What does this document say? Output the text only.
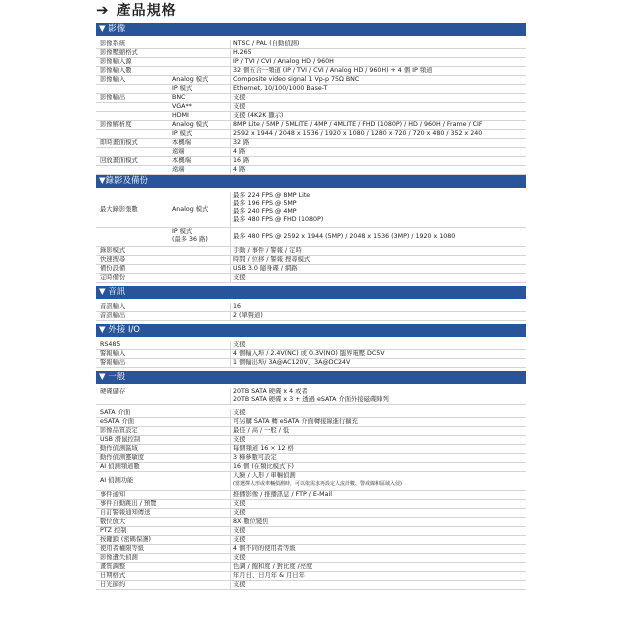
➔ 產品規格
▼ 影像
影像系統	NTSC / PAL (自動偵測)
影像壓縮格式	H.265
影像輸入源	IP / TVI / CVI / Analog HD / 960H
影像輸入數	32 個五合一頻道 (IP / TVI / CVI / Analog HD / 960H) + 4 個 IP 頻道
影像輸入	Analog 模式	Composite video signal 1 Vp-p 75Ω BNC
IP 模式	Ethernet, 10/100/1000 Base-T
影像輸出	BNC	支援
VGA**	支援
HDMI	支援 (4K2K 顯示)
影像解析度	Analog 模式	8MP Lite / 5MP / 5MLITE / 4MP / 4MLITE / FHD (1080P) / HD / 960H / Frame / CIF
IP 模式	2592 x 1944 / 2048 x 1536 / 1920 x 1080 / 1280 x 720 / 720 x 480 / 352 x 240
即時畫面模式	本機端	32 路
遠端	4 路
回放畫面模式	本機端	16 路
遠端	4 路
▼錄影及備份
最大錄影張數	Analog 模式
最多 224 FPS @ 8MP Lite
最多 196 FPS @ 5MP
最多 240 FPS @ 4MP
最多 480 FPS @ FHD (1080P)
IP 模式
(最多 36 路)	最多 480 FPS @ 2592 x 1944 (5MP) / 2048 x 1536 (3MP) / 1920 x 1080
錄影模式	手動 / 事件 / 警報 / 定時
快速搜尋	時間 / 位移 / 警報 搜尋模式
備份設備	USB 3.0 隨身碟 / 網路
定時備份	支援
▼ 音訊
音訊輸入	16
音訊輸出	2 (單聲道)
▼ 外接 I/O
RS485	支援
警報輸入	4 個輸入埠 / 2.4V(NC) 或 0.3V(NO) 臨界電壓 DC5V
警報輸出	1 個輸出埠/ 3A@AC120V、3A@DC24V
▼ 一般
硬碟儲存	20TB SATA 硬碟 x 4 或者
20TB SATA 硬碟 x 3 + 透過 eSATA 介面外接磁碟陣列
SATA 介面	支援
eSATA 介面	可另購 SATA 轉 eSATA 介面轉接線進行擴充
影像品質設定	最佳 / 高 / 一般 / 低
USB 滑鼠控制	支援
動作偵測區域	每個頻道 16 × 12 格
動作偵測靈敏度	3 種參數可設定
AI 偵測頻道數	16 個 (在類比模式下)
AI 偵測功能
人臉 / 人形 / 車輛偵測
(當選擇人形或車輛偵測時，可以依需求再設定人流計數、警戒線和區域入侵)
事件通知	推播影像 / 推播訊息 / FTP / E-Mail
事件自動跳出 / 預覽	支援
自訂警報通知傳送	支援
數位放大	8X 數位變焦
PTZ 控制	支援
按鍵鎖 (密碼保護)	支援
使用者權限等級	4 個不同的使用者等級
影像遺失偵測	支援
畫質調整	色調 / 飽和度 / 對比度 /亮度
日期格式	年月日、日月年 & 月日年
日光節約	支援
